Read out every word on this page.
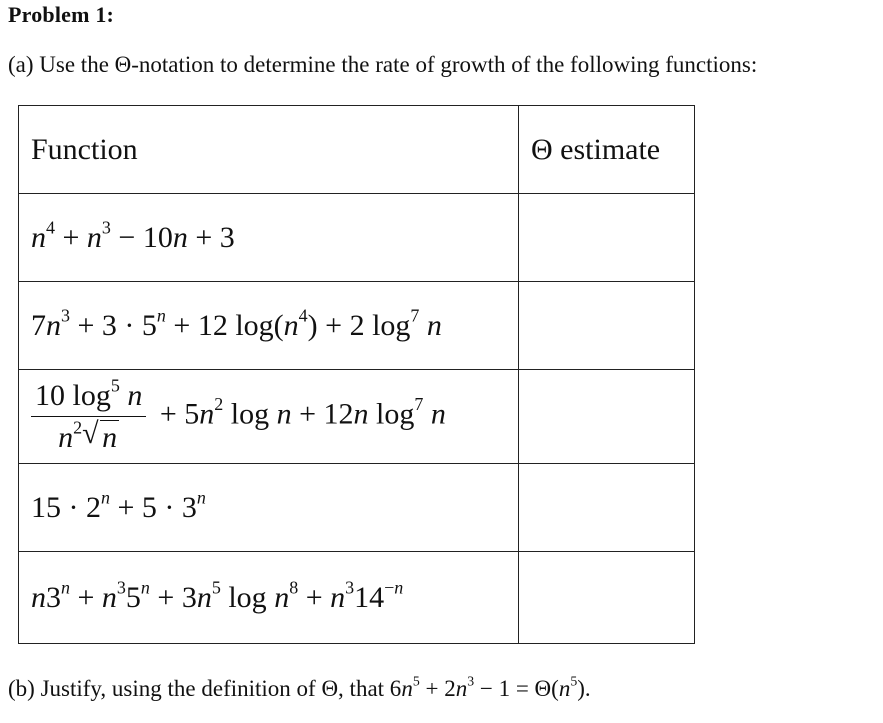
Problem 1:
(a) Use the Θ-notation to determine the rate of growth of the following functions:
Function	Θ estimate
$n^4 + n^3 - 10n + 3$	
$7n^3 + 3 \cdot 5^n + 12$ $\log(n^4) + 2$ $\log^7 n$	

$\frac{10 \log^5 n}{n^2 √ n} + 5n^2$ log n + 12n $\log^7 n$	
$15 \cdot 2^n + 5 \cdot 3^n$	
$n3^n + n^35^n + 3n^5$ $\log n^8 + n^314^{-n}$	
(b) Justify, using the definition of Θ, that $6n^5 + 2n^3 - 1 = \Theta(n^5)$.
